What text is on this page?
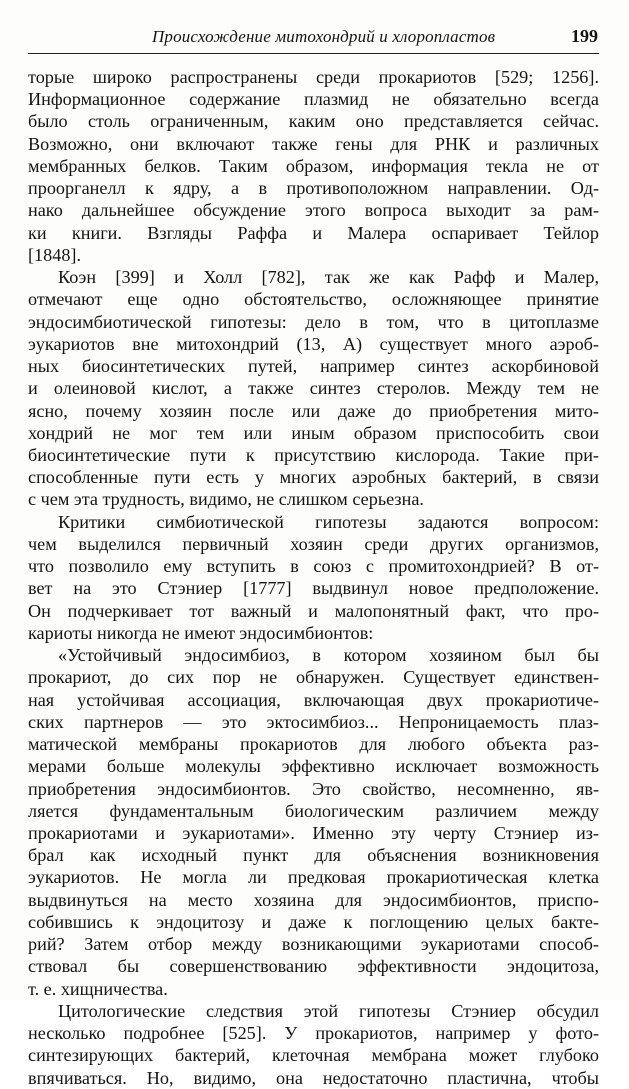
Происхождение митохондрий и хлоропластов	199
торые широко распространены среди прокариотов [529; 1256].
Информационное содержание плазмид не обязательно всегда
было столь ограниченным, каким оно представляется сейчас.
Возможно, они включают также гены для РНК и различных
мембранных белков. Таким образом, информация текла не от
проорганелл к ядру, а в противоположном направлении. Од-
нако дальнейшее обсуждение этого вопроса выходит за рам-
ки книги. Взгляды Раффа и Малера оспаривает Тейлор
[1848].
Коэн [399] и Холл [782], так же как Рафф и Малер,
отмечают еще одно обстоятельство, осложняющее принятие
эндосимбиотической гипотезы: дело в том, что в цитоплазме
эукариотов вне митохондрий (13, А) существует много аэроб-
ных биосинтетических путей, например синтез аскорбиновой
и олеиновой кислот, а также синтез стеролов. Между тем не
ясно, почему хозяин после или даже до приобретения мито-
хондрий не мог тем или иным образом приспособить свои
биосинтетические пути к присутствию кислорода. Такие при-
способленные пути есть у многих аэробных бактерий, в связи
с чем эта трудность, видимо, не слишком серьезна.
Критики симбиотической гипотезы задаются вопросом:
чем выделился первичный хозяин среди других организмов,
что позволило ему вступить в союз с промитохондрией? В от-
вет на это Стэниер [1777] выдвинул новое предположение.
Он подчеркивает тот важный и малопонятный факт, что про-
кариоты никогда не имеют эндосимбионтов:
«Устойчивый эндосимбиоз, в котором хозяином был бы
прокариот, до сих пор не обнаружен. Существует единствен-
ная устойчивая ассоциация, включающая двух прокариотиче-
ских партнеров — это эктосимбиоз... Непроницаемость плаз-
матической мембраны прокариотов для любого объекта раз-
мерами больше молекулы эффективно исключает возможность
приобретения эндосимбионтов. Это свойство, несомненно, яв-
ляется фундаментальным биологическим различием между
прокариотами и эукариотами». Именно эту черту Стэниер из-
брал как исходный пункт для объяснения возникновения
эукариотов. Не могла ли предковая прокариотическая клетка
выдвинуться на место хозяина для эндосимбионтов, приспо-
собившись к эндоцитозу и даже к поглощению целых бакте-
рий? Затем отбор между возникающими эукариотами способ-
ствовал бы совершенствованию эффективности эндоцитоза,
т. е. хищничества.
Цитологические следствия этой гипотезы Стэниер обсудил
несколько подробнее [525]. У прокариотов, например у фото-
синтезирующих бактерий, клеточная мембрана может глубоко
впячиваться. Но, видимо, она недостаточно пластична, чтобы
